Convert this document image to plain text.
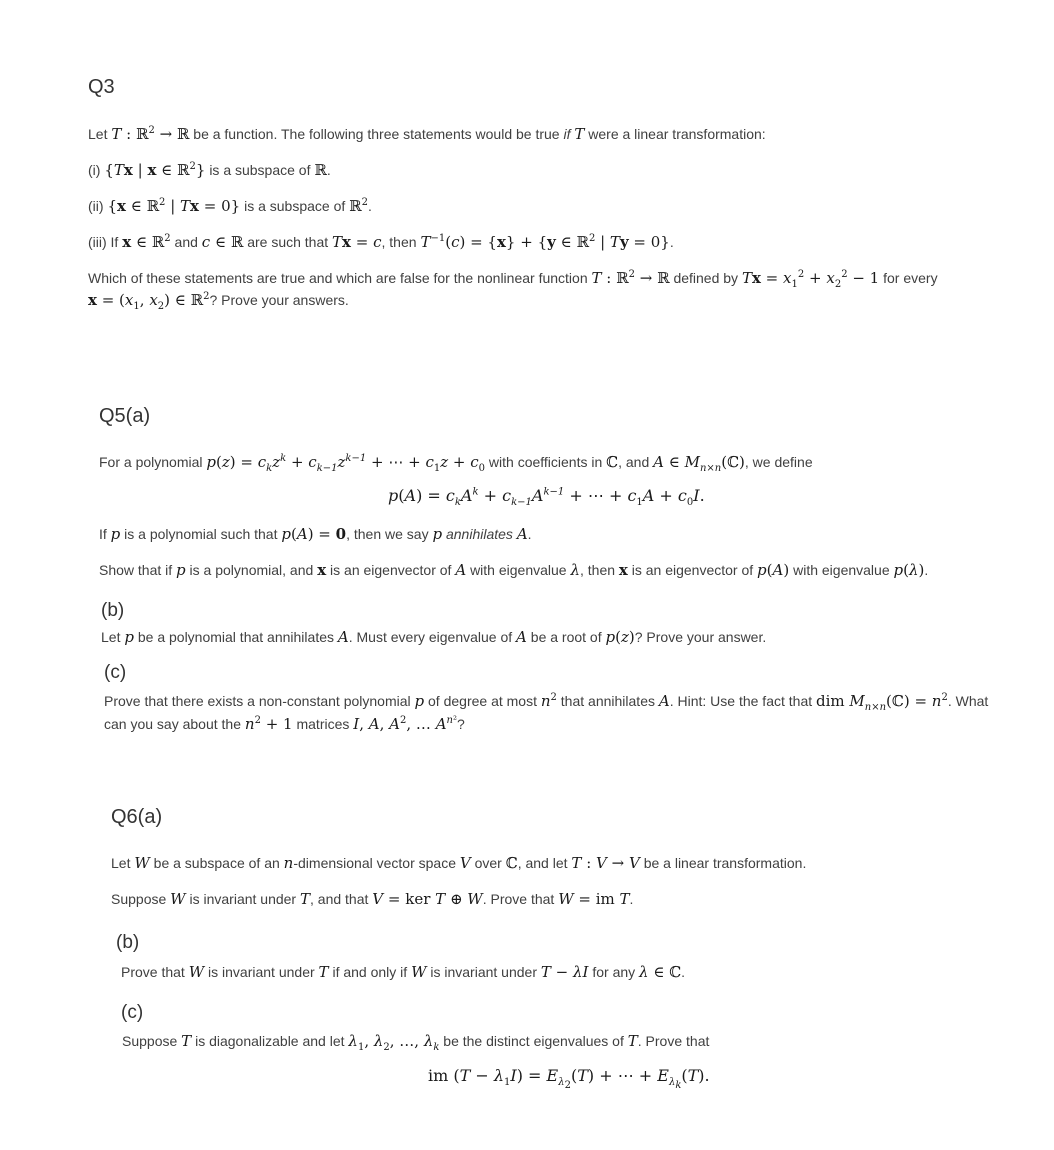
Q3
Let T : ℝ$^2$ → ℝ be a function. The following three statements would be true if T were a linear transformation:
(i) {Tx | x ∈ ℝ$^2$} is a subspace of ℝ.
(ii) {x ∈ ℝ$^2$ | Tx = 0} is a subspace of ℝ$^2$.
(iii) If x ∈ ℝ$^2$ and c ∈ ℝ are such that Tx = c, then $T^{-1}(c) = \{x\} + \{y$ ∈ ℝ$^2$ | Ty = 0}.
Which of these statements are true and which are false for the nonlinear function T : ℝ$^2$ → ℝ defined by $Tx = x_1^2 + x_2^2 - 1$ for every
$x = (x_1$, $x_2$) ∈ ℝ$^2$? Prove your answers.
Q5(a)
For a polynomial $p(z) = c_kz^k + c_{k-1}z^{k-1}$ + ⋯ + $c_1z + c_0$ with coefficients in ℂ, and A ∈ $M_{n\times n}(ℂ)$, we define
$p(A) = c_kA^k + c_{k-1}A^{k-1}$ + ⋯ + $c_1A + c_0I$.
If p is a polynomial such that p(A) = 0, then we say p annihilates A.
Show that if p is a polynomial, and x is an eigenvector of A with eigenvalue λ, then x is an eigenvector of p(A) with eigenvalue p(λ).
(b)
Let p be a polynomial that annihilates A. Must every eigenvalue of A be a root of p(z)? Prove your answer.
(c)
Prove that there exists a non-constant polynomial p of degree at most $n^2$ that annihilates A. Hint: Use the fact that dim $M_{n\times n}(ℂ) = n^2$. What
can you say about the $n^2 + 1$ matrices I, A, $A^2$, … $A^{n^2}$?
Q6(a)
Let W be a subspace of an n-dimensional vector space V over ℂ, and let T : V → V be a linear transformation.
Suppose W is invariant under T, and that V = ker T ⊕ W. Prove that W = im T.
(b)
Prove that W is invariant under T if and only if W is invariant under T − λI for any λ ∈ ℂ.
(c)
Suppose T is diagonalizable and let $\lambda_1$, $\lambda_2$, …, $\lambda_k$ be the distinct eigenvalues of T. Prove that
im $(T - \lambda_1I) = E_{\lambda_2}(T)$ + ⋯ + $E_{\lambda_k}(T)$.
